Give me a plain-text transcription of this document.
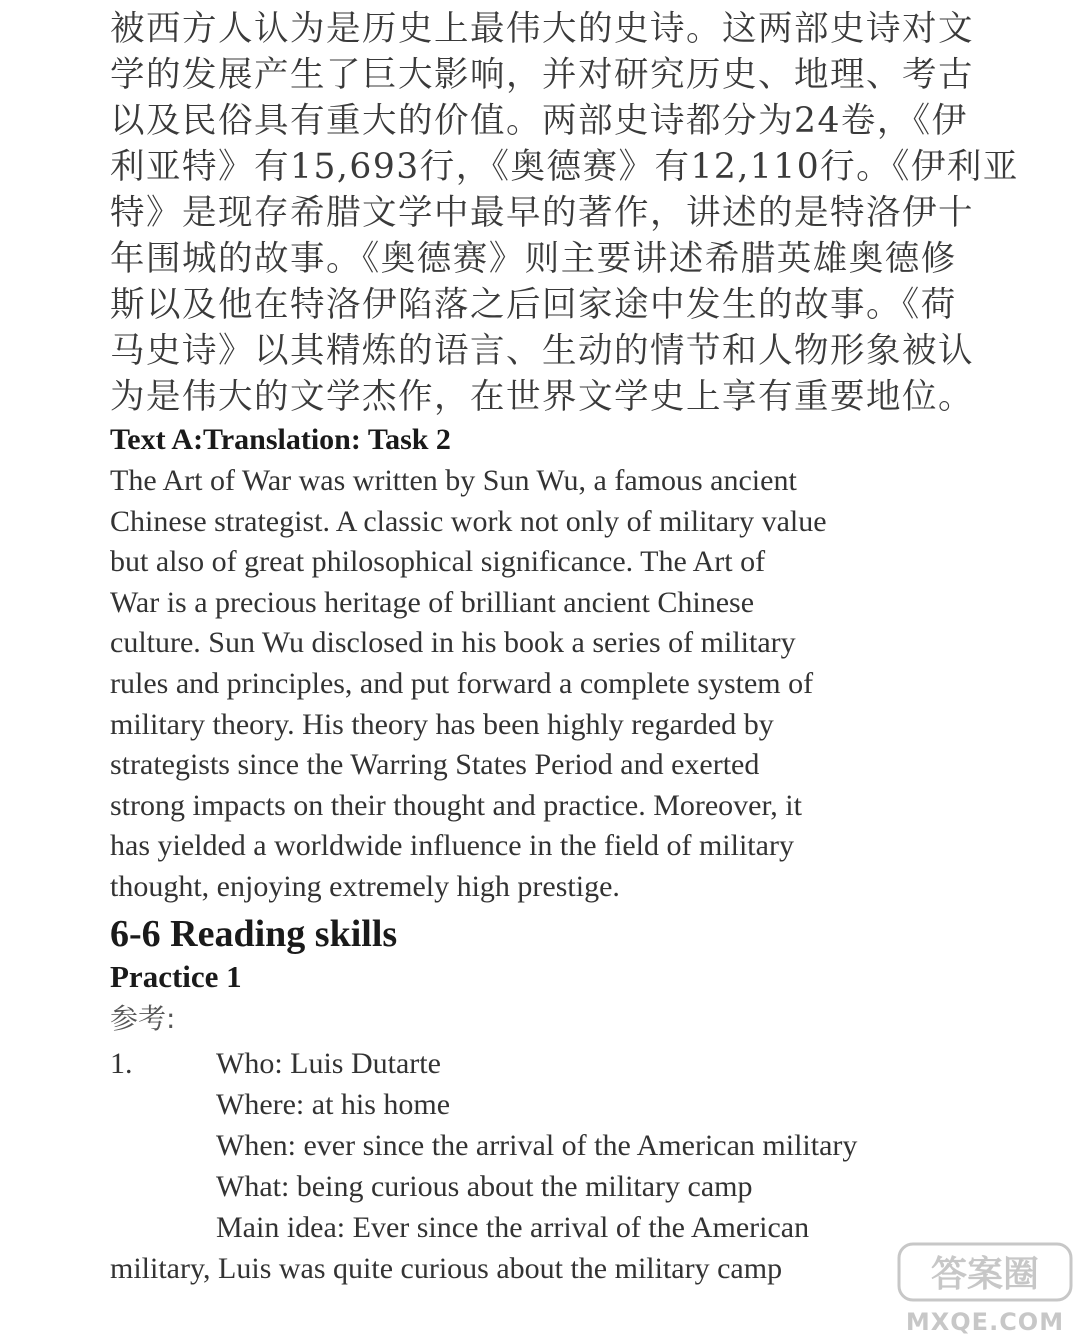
被西方人认为是历史上最伟大的史诗。这两部史诗对文
学的发展产生了巨大影响，并对研究历史、地理、考古
以及民俗具有重大的价值。两部史诗都分为24卷，《伊
利亚特》有15,693行，《奥德赛》有12,110行。《伊利亚
特》是现存希腊文学中最早的著作，讲述的是特洛伊十
年围城的故事。《奥德赛》则主要讲述希腊英雄奥德修
斯以及他在特洛伊陷落之后回家途中发生的故事。《荷
马史诗》以其精炼的语言、生动的情节和人物形象被认
为是伟大的文学杰作，在世界文学史上享有重要地位。
Text A:Translation: Task 2
The Art of War was written by Sun Wu, a famous ancient
Chinese strategist. A classic work not only of military value
but also of great philosophical significance. The Art of
War is a precious heritage of brilliant ancient Chinese
culture. Sun Wu disclosed in his book a series of military
rules and principles, and put forward a complete system of
military theory. His theory has been highly regarded by
strategists since the Warring States Period and exerted
strong impacts on their thought and practice. Moreover, it
has yielded a worldwide influence in the field of military
thought, enjoying extremely high prestige.
6-6 Reading skills
Practice 1
参考:
1.	Who: Luis Dutarte
Where: at his home
When: ever since the arrival of the American military
What: being curious about the military camp
Main idea: Ever since the arrival of the American
military, Luis was quite curious about the military camp	答案圈
MXQE.COM
